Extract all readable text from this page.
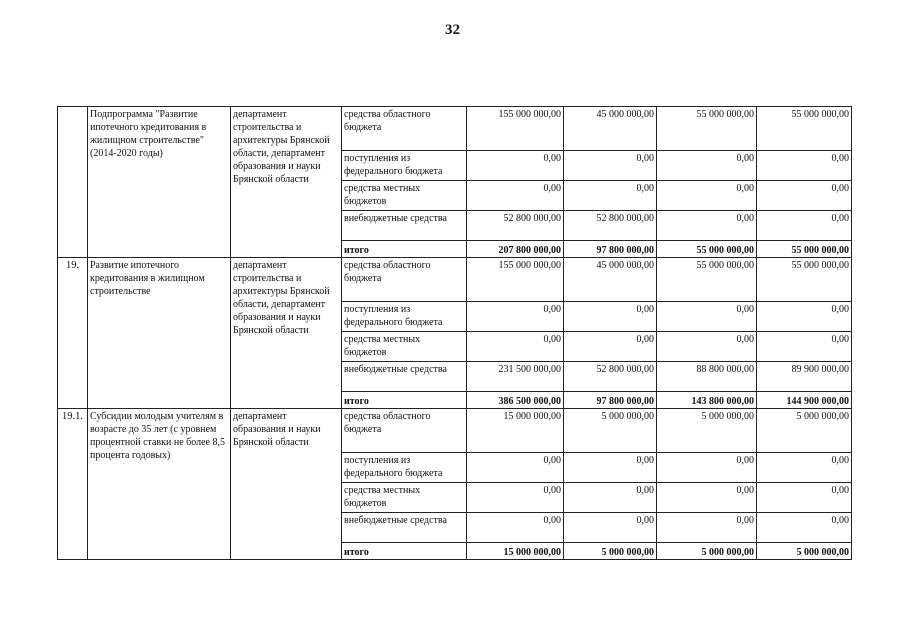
32
	Подпрограмма "Развитие ипотечного кредитования в жилищном строительстве" (2014-2020 годы)	департамент строительства и архитектуры Брянской области, департамент образования и науки Брянской области	средства областного бюджета	155 000 000,00	45 000 000,00	55 000 000,00	55 000 000,00
			поступления из федерального бюджета	0,00	0,00	0,00	0,00
			средства местных бюджетов	0,00	0,00	0,00	0,00
			внебюджетные средства	52 800 000,00	52 800 000,00	0,00	0,00
			итого	207 800 000,00	97 800 000,00	55 000 000,00	55 000 000,00
19.	Развитие ипотечного кредитования в жилищном строительстве	департамент строительства и архитектуры Брянской области, департамент образования и науки Брянской области	средства областного бюджета	155 000 000,00	45 000 000,00	55 000 000,00	55 000 000,00
			поступления из федерального бюджета	0,00	0,00	0,00	0,00
			средства местных бюджетов	0,00	0,00	0,00	0,00
			внебюджетные средства	231 500 000,00	52 800 000,00	88 800 000,00	89 900 000,00
			итого	386 500 000,00	97 800 000,00	143 800 000,00	144 900 000,00
19.1.	Субсидии молодым учителям в возрасте до 35 лет (с уровнем процентной ставки не более 8,5 процента годовых)	департамент образования и науки Брянской области	средства областного бюджета	15 000 000,00	5 000 000,00	5 000 000,00	5 000 000,00
			поступления из федерального бюджета	0,00	0,00	0,00	0,00
			средства местных бюджетов	0,00	0,00	0,00	0,00
			внебюджетные средства	0,00	0,00	0,00	0,00
			итого	15 000 000,00	5 000 000,00	5 000 000,00	5 000 000,00
